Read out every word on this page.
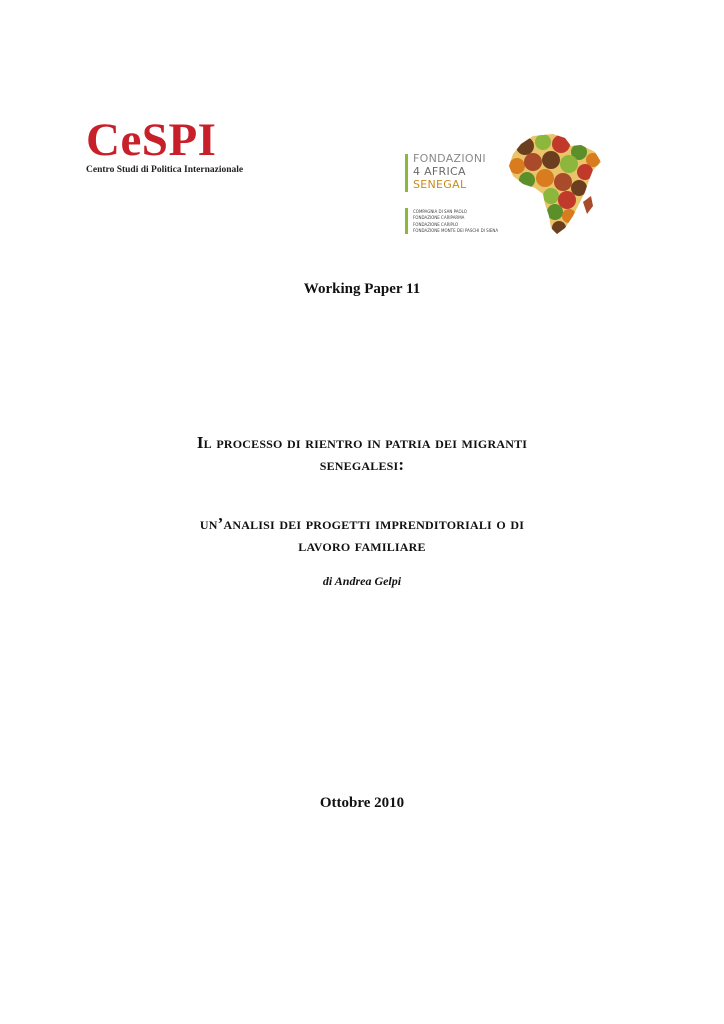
CeSPI
Centro Studi di Politica Internazionale
FONDAZIONI
4 AFRICA
SENEGAL
COMPAGNIA DI SAN PAOLO
FONDAZIONE CARIPARMA
FONDAZIONE CARIPLO
FONDAZIONE MONTE DEI PASCHI DI SIENA
Working Paper 11

Il processo di rientro in patria dei migranti

senegalesi:

un’analisi dei progetti imprenditoriali o di

lavoro familiare

di Andrea Gelpi
Ottobre 2010
